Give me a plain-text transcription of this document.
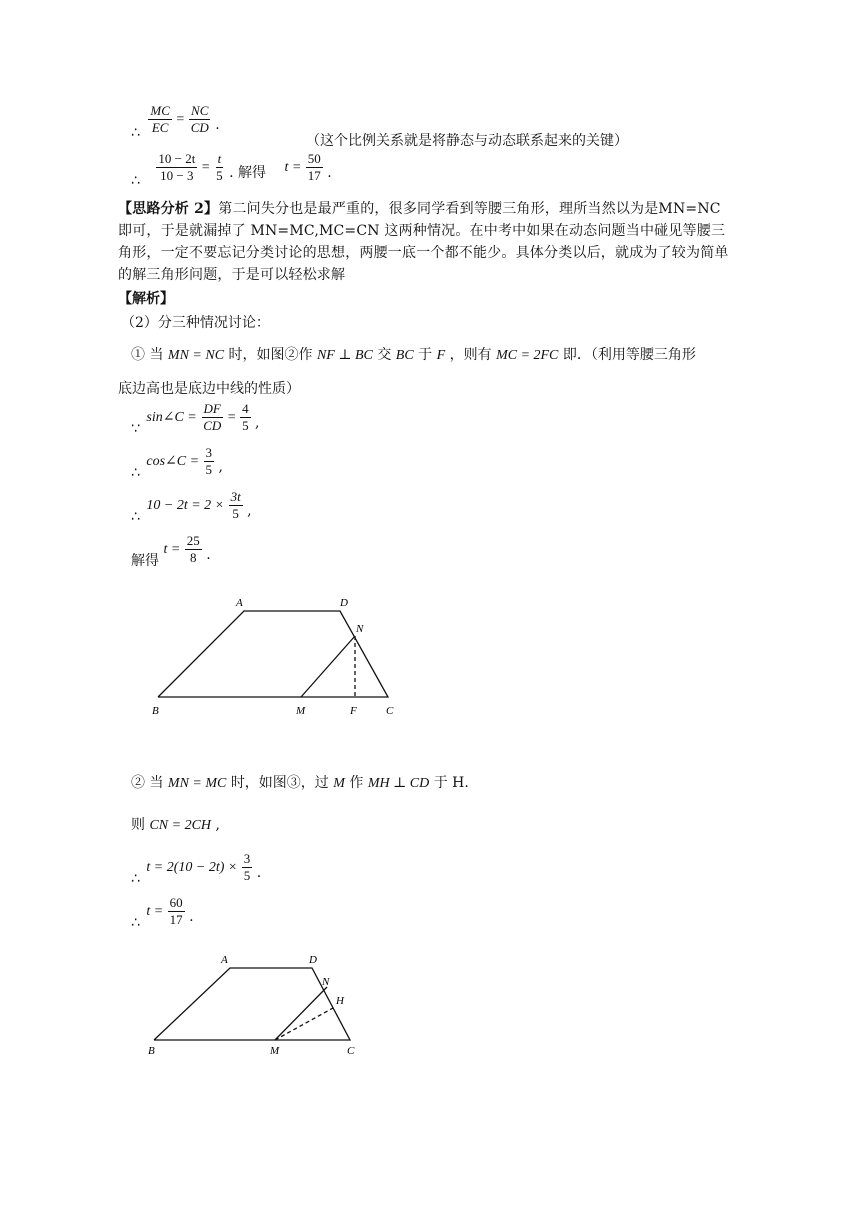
∴ $\frac{MC}{EC} = \frac{NC}{CD}$ .
（这个比例关系就是将静态与动态联系起来的关键）
∴ $\frac{10 - 2t}{10 - 3} = \frac{t}{5}$ . 解得 $t = \frac{50}{17}$ .
【思路分析 2】第二问失分也是最严重的，很多同学看到等腰三角形，理所当然以为是MN=NC 即可，于是就漏掉了 MN=MC,MC=CN 这两种情况。在中考中如果在动态问题当中碰见等腰三角形，一定不要忘记分类讨论的思想，两腰一底一个都不能少。具体分类以后，就成为了较为简单的解三角形问题，于是可以轻松求解
【解析】
（2）分三种情况讨论：
① 当 MN = NC 时，如图②作 NF ⊥ BC 交 BC 于 F ，则有 MC = 2FC 即．（利用等腰三角形
底边高也是底边中线的性质）
∵ sin∠C = $\frac{DF}{CD} = \frac{4}{5}$ ,
∴ cos∠C = $\frac{3}{5}$ ,
∴ $10 - 2t = 2 \times \frac{3t}{5}$ ,
解得 $t = \frac{25}{8}$ .
A	D
N
B	M	F	C
② 当 MN = MC 时，如图③，过 M 作 MH ⊥ CD 于 H.
则 CN = 2CH ,
∴ $t = 2(10 - 2t) \times \frac{3}{5}$ .
∴ $t = \frac{60}{17}$ .
A	D
N
H
B	M	C
